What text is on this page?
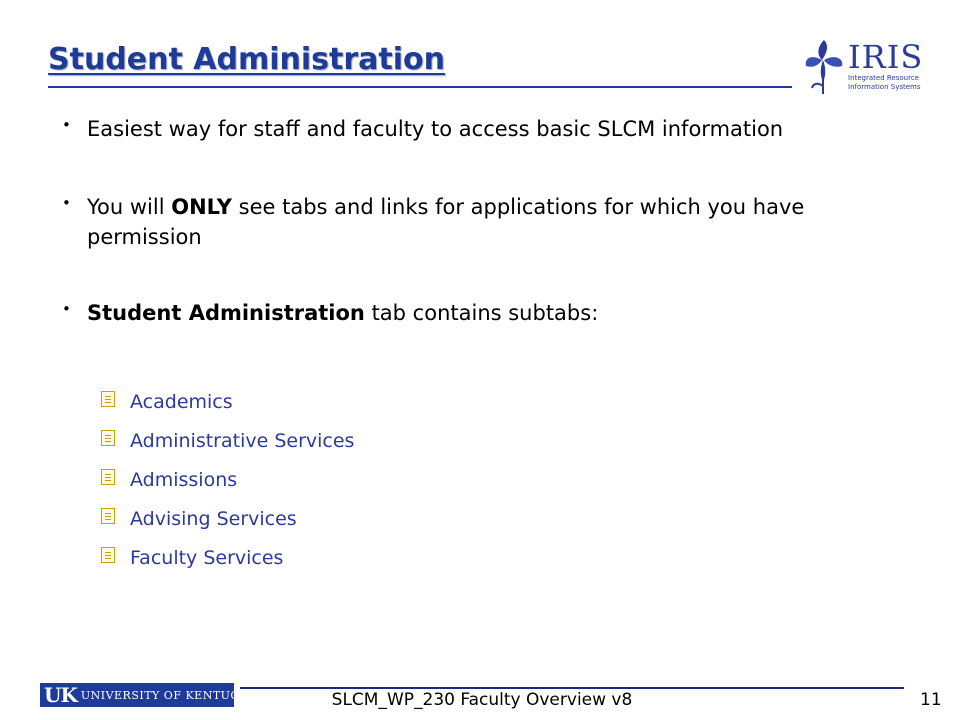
Student Administration	IRIS
Integrated Resource
Information Systems
• Easiest way for staff and faculty to access basic SLCM information
• You will ONLY see tabs and links for applications for which you have permission
• Student Administration tab contains subtabs:
Academics
Administrative Services
Admissions
Advising Services
Faculty Services
UK UNIVERSITY OF KENTUCKY	SLCM_WP_230 Faculty Overview v8	11
